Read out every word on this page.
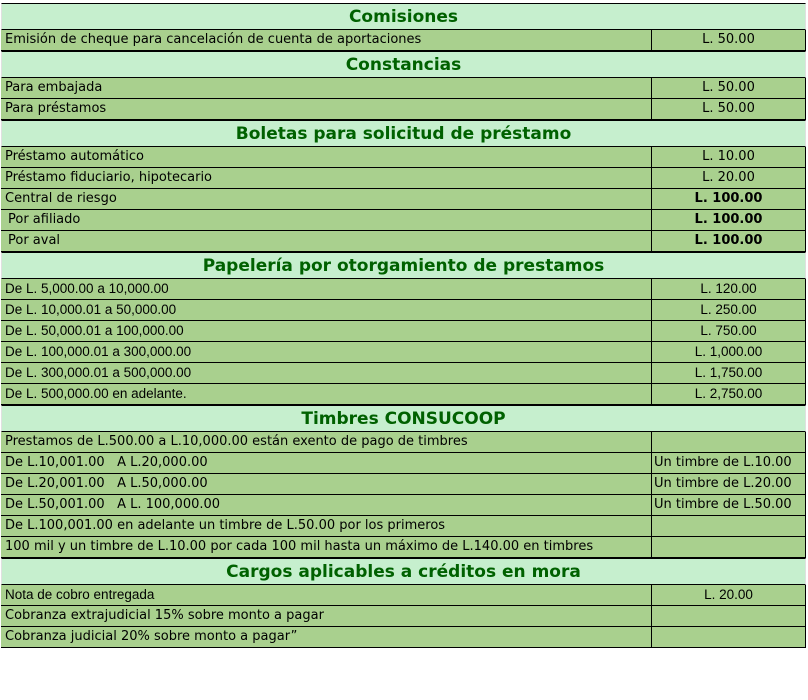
Comisiones
Emisión de cheque para cancelación de cuenta de aportaciones	L. 50.00
Constancias
Para embajada	L. 50.00
Para préstamos	L. 50.00
Boletas para solicitud de préstamo
Préstamo automático	L. 10.00
Préstamo fiduciario, hipotecario	L. 20.00
Central de riesgo	L. 100.00
Por afiliado	L. 100.00
Por aval	L. 100.00
Papelería por otorgamiento de prestamos
De L. 5,000.00 a 10,000.00	L. 120.00
De L. 10,000.01 a 50,000.00	L. 250.00
De L. 50,000.01 a 100,000.00	L. 750.00
De L. 100,000.01 a 300,000.00	L. 1,000.00
De L. 300,000.01 a 500,000.00	L. 1,750.00
De L. 500,000.00 en adelante.	L. 2,750.00
Timbres CONSUCOOP
Prestamos de L.500.00 a L.10,000.00 están exento de pago de timbres
De L.10,001.00   A L.20,000.00	Un timbre de L.10.00
De L.20,001.00   A L.50,000.00	Un timbre de L.20.00
De L.50,001.00   A L. 100,000.00	Un timbre de L.50.00
De L.100,001.00 en adelante un timbre de L.50.00 por los primeros
100 mil y un timbre de L.10.00 por cada 100 mil hasta un máximo de L.140.00 en timbres
Cargos aplicables a créditos en mora
Nota de cobro entregada	L. 20.00
Cobranza extrajudicial 15% sobre monto a pagar
Cobranza judicial 20% sobre monto a pagar”
